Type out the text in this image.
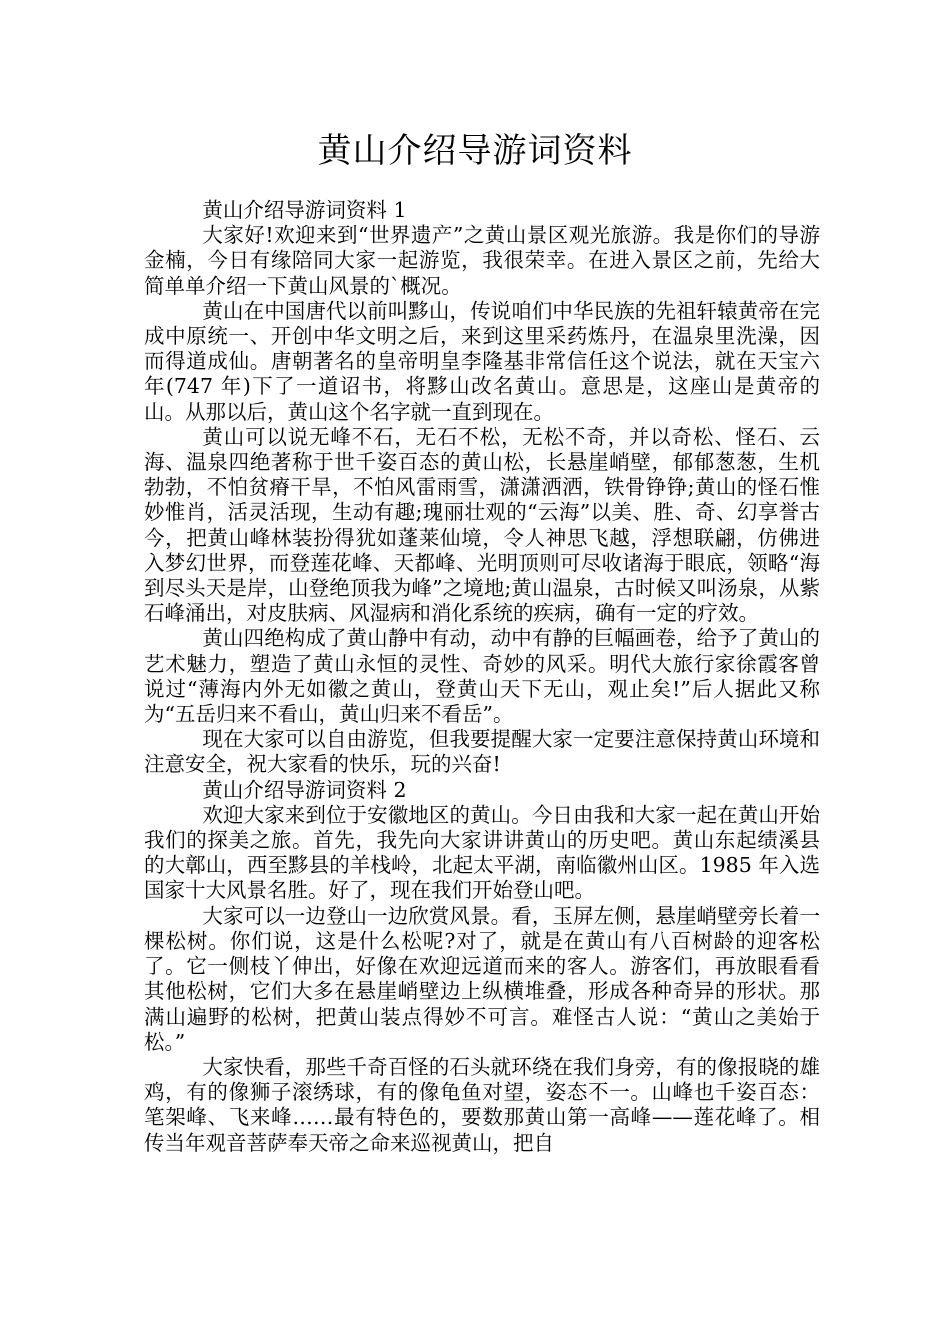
黄山介绍导游词资料

黄山介绍导游词资料 1

大家好!欢迎来到“世界遗产”之黄山景区观光旅游。我是你们的导游金楠，今日有缘陪同大家一起游览，我很荣幸。在进入景区之前，先给大简单单介绍一下黄山风景的`概况。

黄山在中国唐代以前叫黟山，传说咱们中华民族的先祖轩辕黄帝在完成中原统一、开创中华文明之后，来到这里采药炼丹，在温泉里洗澡，因而得道成仙。唐朝著名的皇帝明皇李隆基非常信任这个说法，就在天宝六年(747 年)下了一道诏书，将黟山改名黄山。意思是，这座山是黄帝的山。从那以后，黄山这个名字就一直到现在。

黄山可以说无峰不石，无石不松，无松不奇，并以奇松、怪石、云海、温泉四绝著称于世千姿百态的黄山松，长悬崖峭壁，郁郁葱葱，生机勃勃，不怕贫瘠干旱，不怕风雷雨雪，潇潇洒洒，铁骨铮铮;黄山的怪石惟妙惟肖，活灵活现，生动有趣;瑰丽壮观的“云海”以美、胜、奇、幻享誉古今，把黄山峰林装扮得犹如蓬莱仙境，令人神思飞越，浮想联翩，仿佛进入梦幻世界，而登莲花峰、天都峰、光明顶则可尽收诸海于眼底，领略“海到尽头天是岸，山登绝顶我为峰”之境地;黄山温泉，古时候又叫汤泉，从紫石峰涌出，对皮肤病、风湿病和消化系统的疾病，确有一定的疗效。

黄山四绝构成了黄山静中有动，动中有静的巨幅画卷，给予了黄山的艺术魅力，塑造了黄山永恒的灵性、奇妙的风采。明代大旅行家徐霞客曾说过“薄海内外无如徽之黄山，登黄山天下无山，观止矣!”后人据此又称为“五岳归来不看山，黄山归来不看岳”。

现在大家可以自由游览，但我要提醒大家一定要注意保持黄山环境和注意安全，祝大家看的快乐，玩的兴奋!

黄山介绍导游词资料 2

欢迎大家来到位于安徽地区的黄山。今日由我和大家一起在黄山开始我们的探美之旅。首先，我先向大家讲讲黄山的历史吧。黄山东起绩溪县的大鄣山，西至黟县的羊栈岭，北起太平湖，南临徽州山区。1985 年入选国家十大风景名胜。好了，现在我们开始登山吧。

大家可以一边登山一边欣赏风景。看，玉屏左侧，悬崖峭壁旁长着一棵松树。你们说，这是什么松呢?对了，就是在黄山有八百树龄的迎客松了。它一侧枝丫伸出，好像在欢迎远道而来的客人。游客们，再放眼看看其他松树，它们大多在悬崖峭壁边上纵横堆叠，形成各种奇异的形状。那满山遍野的松树，把黄山装点得妙不可言。难怪古人说：“黄山之美始于松。”

大家快看，那些千奇百怪的石头就环绕在我们身旁，有的像报晓的雄鸡，有的像狮子滚绣球，有的像龟鱼对望，姿态不一。山峰也千姿百态：笔架峰、飞来峰……最有特色的，要数那黄山第一高峰——莲花峰了。相传当年观音菩萨奉天帝之命来巡视黄山，把自
